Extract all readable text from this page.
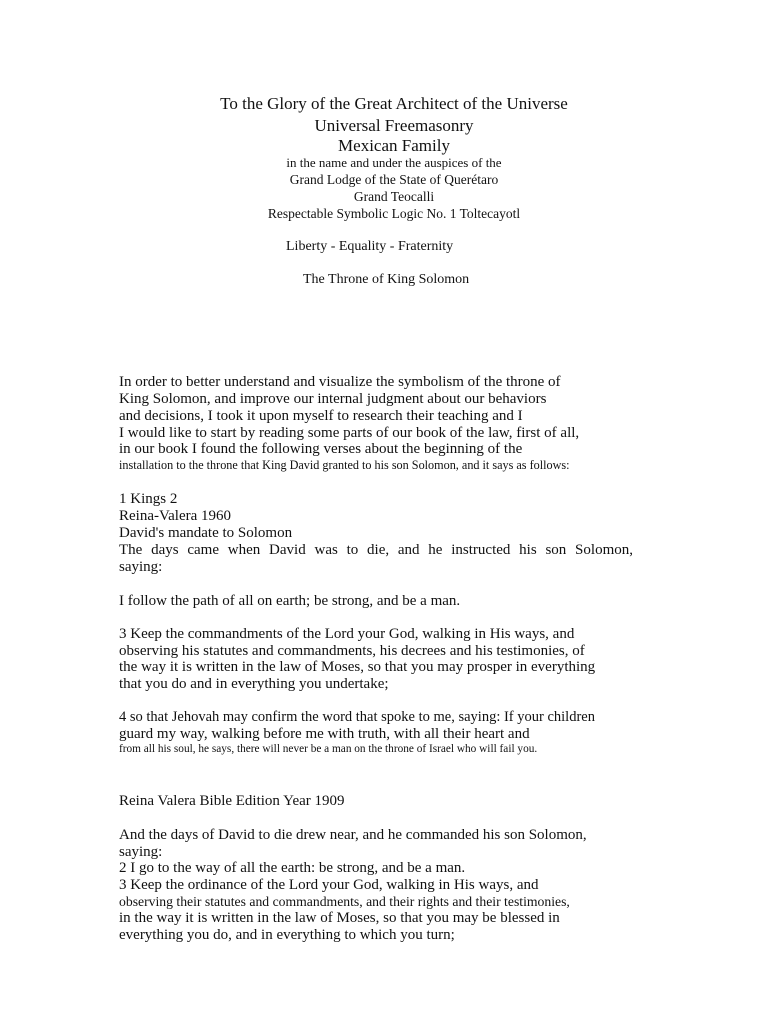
To the Glory of the Great Architect of the Universe
Universal Freemasonry
Mexican Family
in the name and under the auspices of the
Grand Lodge of the State of Querétaro
Grand Teocalli
Respectable Symbolic Logic No. 1 Toltecayotl
Liberty - Equality - Fraternity
The Throne of King Solomon
In order to better understand and visualize the symbolism of the throne of
King Solomon, and improve our internal judgment about our behaviors
and decisions, I took it upon myself to research their teaching and I
I would like to start by reading some parts of our book of the law, first of all,
in our book I found the following verses about the beginning of the
installation to the throne that King David granted to his son Solomon, and it says as follows:
1 Kings 2
Reina-Valera 1960
David's mandate to Solomon
The days came when David was to die, and he instructed his son Solomon,
saying:
I follow the path of all on earth; be strong, and be a man.
3 Keep the commandments of the Lord your God, walking in His ways, and
observing his statutes and commandments, his decrees and his testimonies, of
the way it is written in the law of Moses, so that you may prosper in everything
that you do and in everything you undertake;
4 so that Jehovah may confirm the word that spoke to me, saying: If your children
guard my way, walking before me with truth, with all their heart and
from all his soul, he says, there will never be a man on the throne of Israel who will fail you.
Reina Valera Bible Edition Year 1909
And the days of David to die drew near, and he commanded his son Solomon,
saying:
2 I go to the way of all the earth: be strong, and be a man.
3 Keep the ordinance of the Lord your God, walking in His ways, and
observing their statutes and commandments, and their rights and their testimonies,
in the way it is written in the law of Moses, so that you may be blessed in
everything you do, and in everything to which you turn;
